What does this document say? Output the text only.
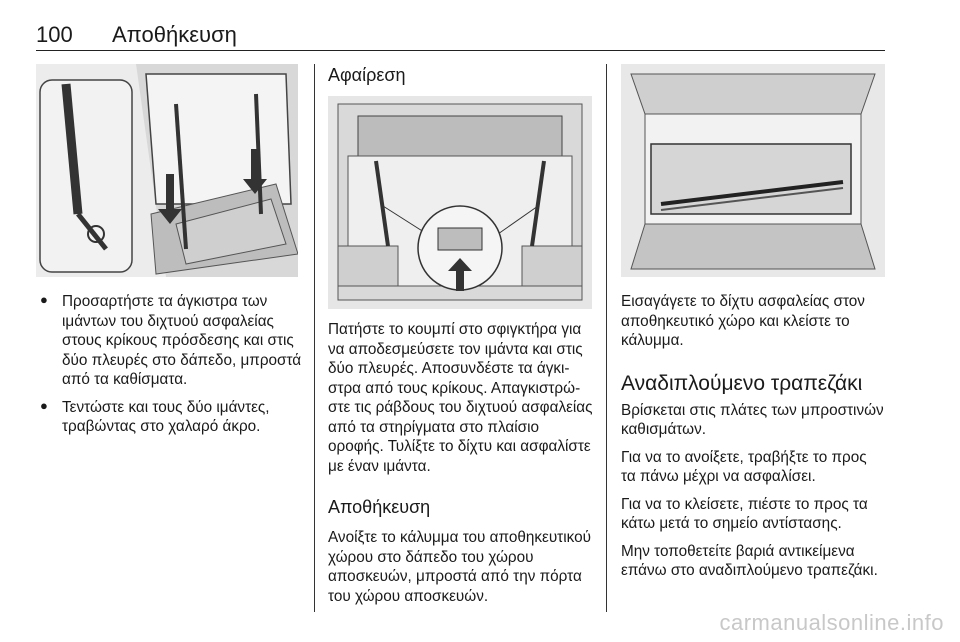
100 Αποθήκευση
● Προσαρτήστε τα άγκιστρα των ιμάντων του διχτυού ασφαλείας στους κρίκους πρόσδεσης και στις δύο πλευρές στο δάπεδο, μπροστά από τα καθίσματα.

● Τεντώστε και τους δύο ιμάντες, τραβώντας στο χαλαρό άκρο.

Αφαίρεση

Πατήστε το κουμπί στο σφιγκτήρα για να αποδεσμεύσετε τον ιμάντα και στις δύο πλευρές. Αποσυνδέστε τα άγκιστρα από τους κρίκους. Απαγκιστρώστε τις ράβδους του διχτυού ασφαλείας από τα στηρίγματα στο πλαίσιο οροφής. Τυλίξτε το δίχτυ και ασφαλίστε με έναν ιμάντα.

Αποθήκευση

Ανοίξτε το κάλυμμα του αποθηκευτικού χώρου στο δάπεδο του χώρου αποσκευών, μπροστά από την πόρτα του χώρου αποσκευών.

Εισαγάγετε το δίχτυ ασφαλείας στον αποθηκευτικό χώρο και κλείστε το κάλυμμα.

Αναδιπλούμενο τραπεζάκι

Βρίσκεται στις πλάτες των μπροστινών καθισμάτων.

Για να το ανοίξετε, τραβήξτε το προς τα πάνω μέχρι να ασφαλίσει.

Για να το κλείσετε, πιέστε το προς τα κάτω μετά το σημείο αντίστασης.

Μην τοποθετείτε βαριά αντικείμενα επάνω στο αναδιπλούμενο τραπεζάκι.

carmanualsonline.info
